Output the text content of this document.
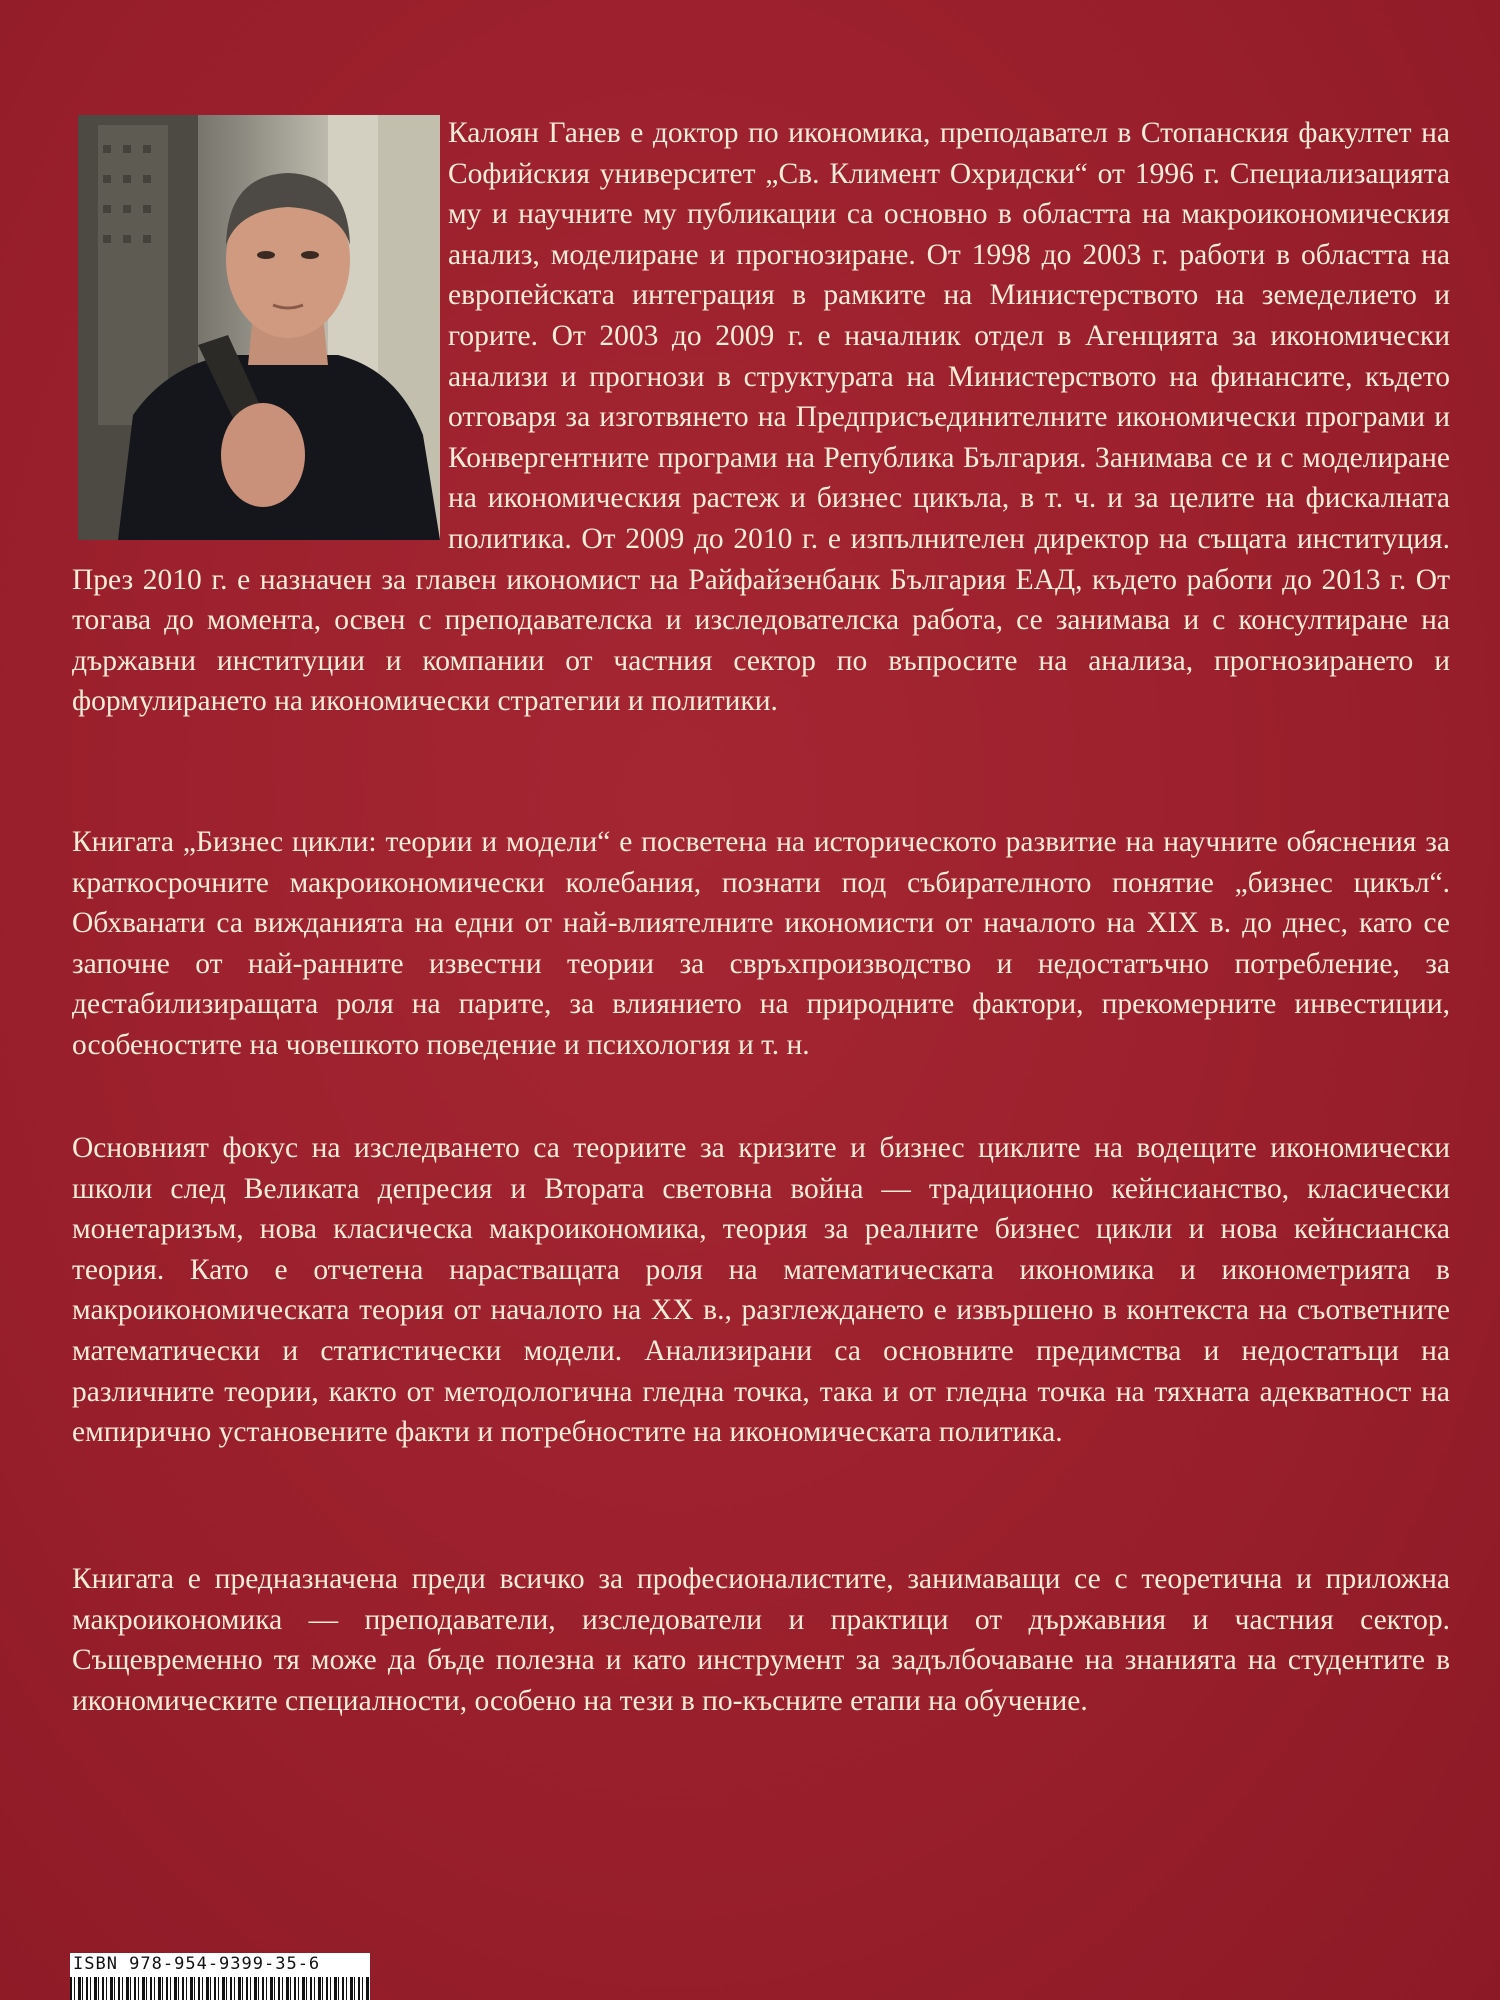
Калоян Ганев е доктор по икономика, преподавател в Стопанския факултет на Софийския университет „Св. Климент Охридски“ от 1996 г. Специализацията му и научните му публикации са основно в областта на макроикономическия анализ, моделиране и прогнозиране. От 1998 до 2003 г. работи в областта на европейската интеграция в рамките на Министерството на земеделието и горите. От 2003 до 2009 г. е началник отдел в Агенцията за икономически анализи и прогнози в структурата на Министерството на финансите, където отговаря за изготвянето на Предприсъединителните икономически програми и Конвергентните програми на Република България. Занимава се и с моделиране на икономическия растеж и бизнес цикъла, в т. ч. и за целите на фискалната политика. От 2009 до 2010 г. е изпълнителен директор на същата институция. През 2010 г. е назначен за главен икономист на Райфайзенбанк България ЕАД, където работи до 2013 г. От тогава до момента, освен с преподавателска и изследователска работа, се занимава и с консултиране на държавни институции и компании от частния сектор по въпросите на анализа, прогнозирането и формулирането на икономически стратегии и политики.

Книгата „Бизнес цикли: теории и модели“ е посветена на историческото развитие на научните обяснения за краткосрочните макроикономически колебания, познати под събирателното понятие „бизнес цикъл“. Обхванати са вижданията на едни от най-влиятелните икономисти от началото на XIX в. до днес, като се започне от най-ранните известни теории за свръхпроизводство и недостатъчно потребление, за дестабилизиращата роля на парите, за влиянието на природните фактори, прекомерните инвестиции, особеностите на човешкото поведение и психология и т. н.

Основният фокус на изследването са теориите за кризите и бизнес циклите на водещите икономически школи след Великата депресия и Втората световна война — традиционно кейнсианство, класически монетаризъм, нова класическа макроикономика, теория за реалните бизнес цикли и нова кейнсианска теория. Като е отчетена нарастващата роля на математическата икономика и иконометрията в макроикономическата теория от началото на XX в., разглеждането е извършено в контекста на съответните математически и статистически модели. Анализирани са основните предимства и недостатъци на различните теории, както от методологична гледна точка, така и от гледна точка на тяхната адекватност на емпирично установените факти и потребностите на икономическата политика.

Книгата е предназначена преди всичко за професионалистите, занимаващи се с теоретична и приложна макроикономика — преподаватели, изследователи и практици от държавния и частния сектор. Същевременно тя може да бъде полезна и като инструмент за задълбочаване на знанията на студентите в икономическите специалности, особено на тези в по-късните етапи на обучение.

ISBN 978-954-9399-35-6
